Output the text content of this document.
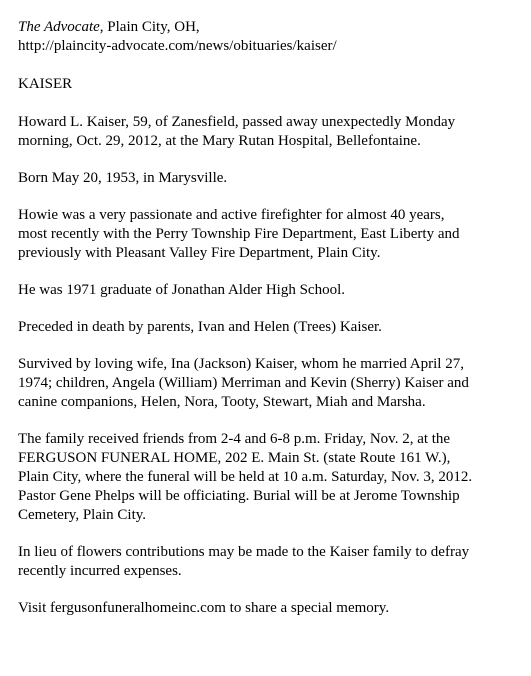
The Advocate, Plain City, OH,
http://plaincity-advocate.com/news/obituaries/kaiser/

KAISER

Howard L. Kaiser, 59, of Zanesfield, passed away unexpectedly Monday
morning, Oct. 29, 2012, at the Mary Rutan Hospital, Bellefontaine.

Born May 20, 1953, in Marysville.

Howie was a very passionate and active firefighter for almost 40 years,
most recently with the Perry Township Fire Department, East Liberty and
previously with Pleasant Valley Fire Department, Plain City.

He was 1971 graduate of Jonathan Alder High School.

Preceded in death by parents, Ivan and Helen (Trees) Kaiser.

Survived by loving wife, Ina (Jackson) Kaiser, whom he married April 27,
1974; children, Angela (William) Merriman and Kevin (Sherry) Kaiser and
canine companions, Helen, Nora, Tooty, Stewart, Miah and Marsha.

The family received friends from 2-4 and 6-8 p.m. Friday, Nov. 2, at the
FERGUSON FUNERAL HOME, 202 E. Main St. (state Route 161 W.),
Plain City, where the funeral will be held at 10 a.m. Saturday, Nov. 3, 2012.
Pastor Gene Phelps will be officiating. Burial will be at Jerome Township
Cemetery, Plain City.

In lieu of flowers contributions may be made to the Kaiser family to defray
recently incurred expenses.

Visit fergusonfuneralhomeinc.com to share a special memory.
